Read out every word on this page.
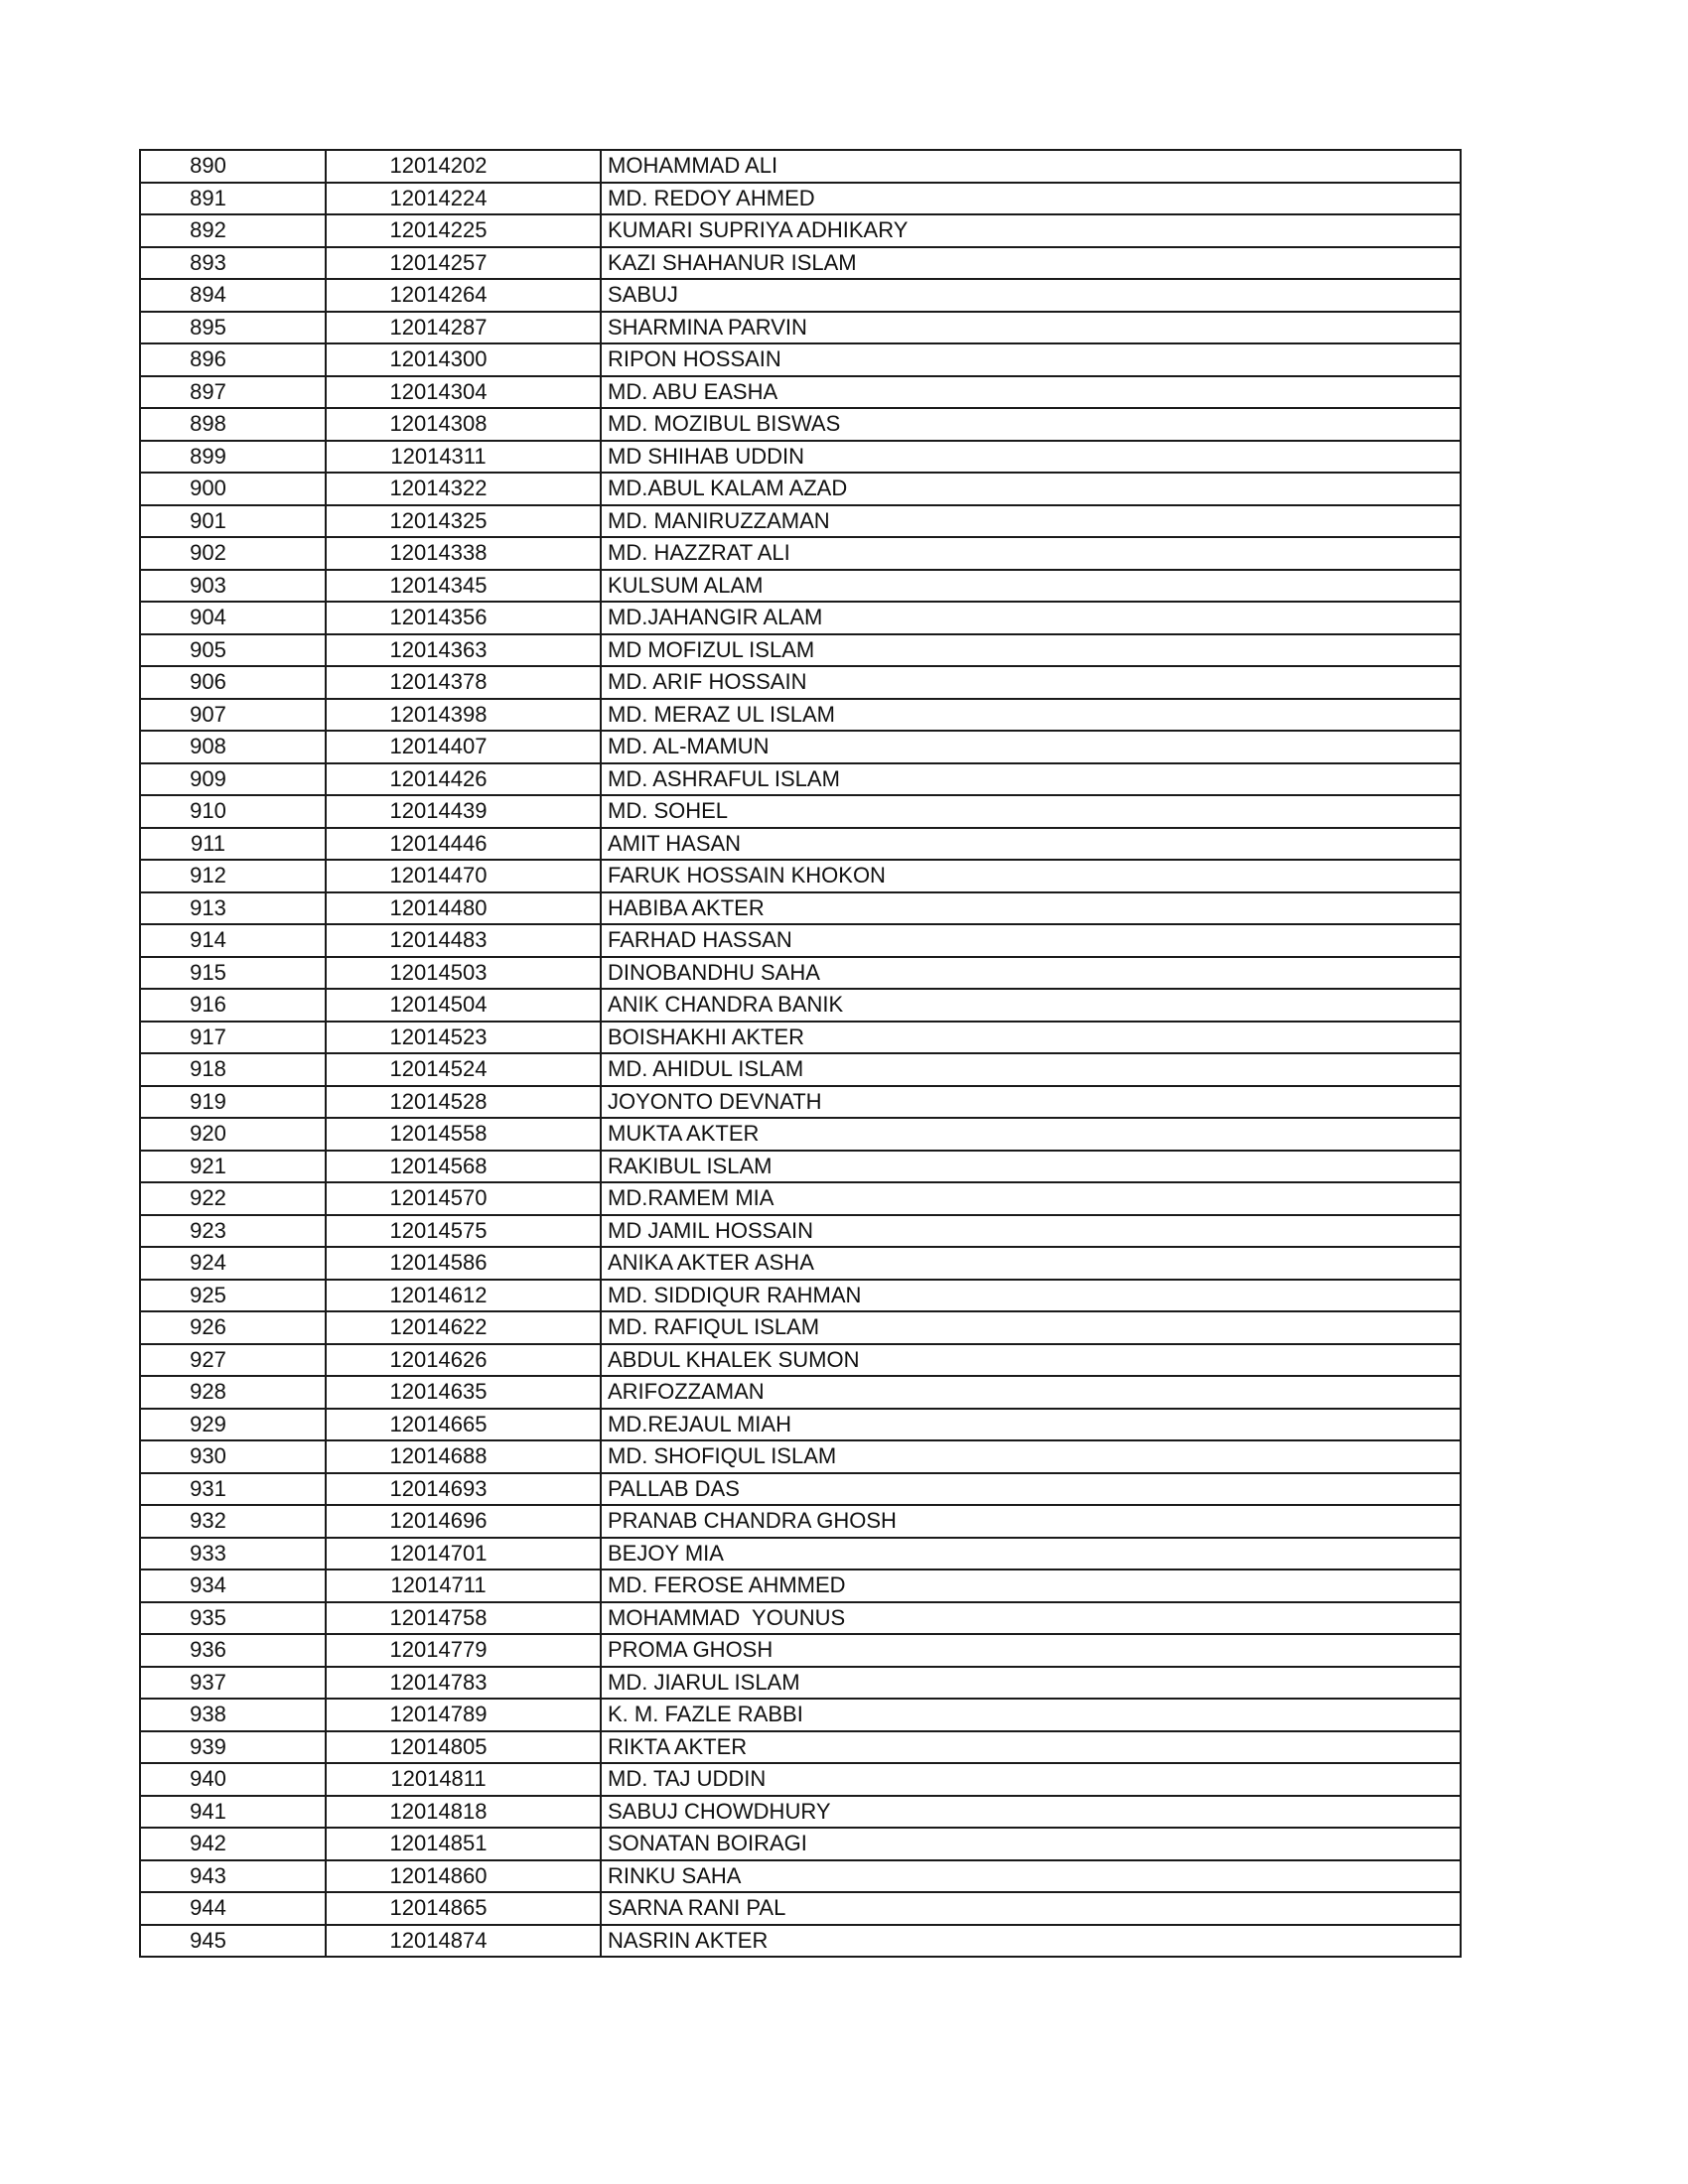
890	12014202	MOHAMMAD ALI
891	12014224	MD. REDOY AHMED
892	12014225	KUMARI SUPRIYA ADHIKARY
893	12014257	KAZI SHAHANUR ISLAM
894	12014264	SABUJ
895	12014287	SHARMINA PARVIN
896	12014300	RIPON HOSSAIN
897	12014304	MD. ABU EASHA
898	12014308	MD. MOZIBUL BISWAS
899	12014311	MD SHIHAB UDDIN
900	12014322	MD.ABUL KALAM AZAD
901	12014325	MD. MANIRUZZAMAN
902	12014338	MD. HAZZRAT ALI
903	12014345	KULSUM ALAM
904	12014356	MD.JAHANGIR ALAM
905	12014363	MD MOFIZUL ISLAM
906	12014378	MD. ARIF HOSSAIN
907	12014398	MD. MERAZ UL ISLAM
908	12014407	MD. AL-MAMUN
909	12014426	MD. ASHRAFUL ISLAM
910	12014439	MD. SOHEL
911	12014446	AMIT HASAN
912	12014470	FARUK HOSSAIN KHOKON
913	12014480	HABIBA AKTER
914	12014483	FARHAD HASSAN
915	12014503	DINOBANDHU SAHA
916	12014504	ANIK CHANDRA BANIK
917	12014523	BOISHAKHI AKTER
918	12014524	MD. AHIDUL ISLAM
919	12014528	JOYONTO DEVNATH
920	12014558	MUKTA AKTER
921	12014568	RAKIBUL ISLAM
922	12014570	MD.RAMEM MIA
923	12014575	MD JAMIL HOSSAIN
924	12014586	ANIKA AKTER ASHA
925	12014612	MD. SIDDIQUR RAHMAN
926	12014622	MD. RAFIQUL ISLAM
927	12014626	ABDUL KHALEK SUMON
928	12014635	ARIFOZZAMAN
929	12014665	MD.REJAUL MIAH
930	12014688	MD. SHOFIQUL ISLAM
931	12014693	PALLAB DAS
932	12014696	PRANAB CHANDRA GHOSH
933	12014701	BEJOY MIA
934	12014711	MD. FEROSE AHMMED
935	12014758	MOHAMMAD  YOUNUS
936	12014779	PROMA GHOSH
937	12014783	MD. JIARUL ISLAM
938	12014789	K. M. FAZLE RABBI
939	12014805	RIKTA AKTER
940	12014811	MD. TAJ UDDIN
941	12014818	SABUJ CHOWDHURY
942	12014851	SONATAN BOIRAGI
943	12014860	RINKU SAHA
944	12014865	SARNA RANI PAL
945	12014874	NASRIN AKTER
